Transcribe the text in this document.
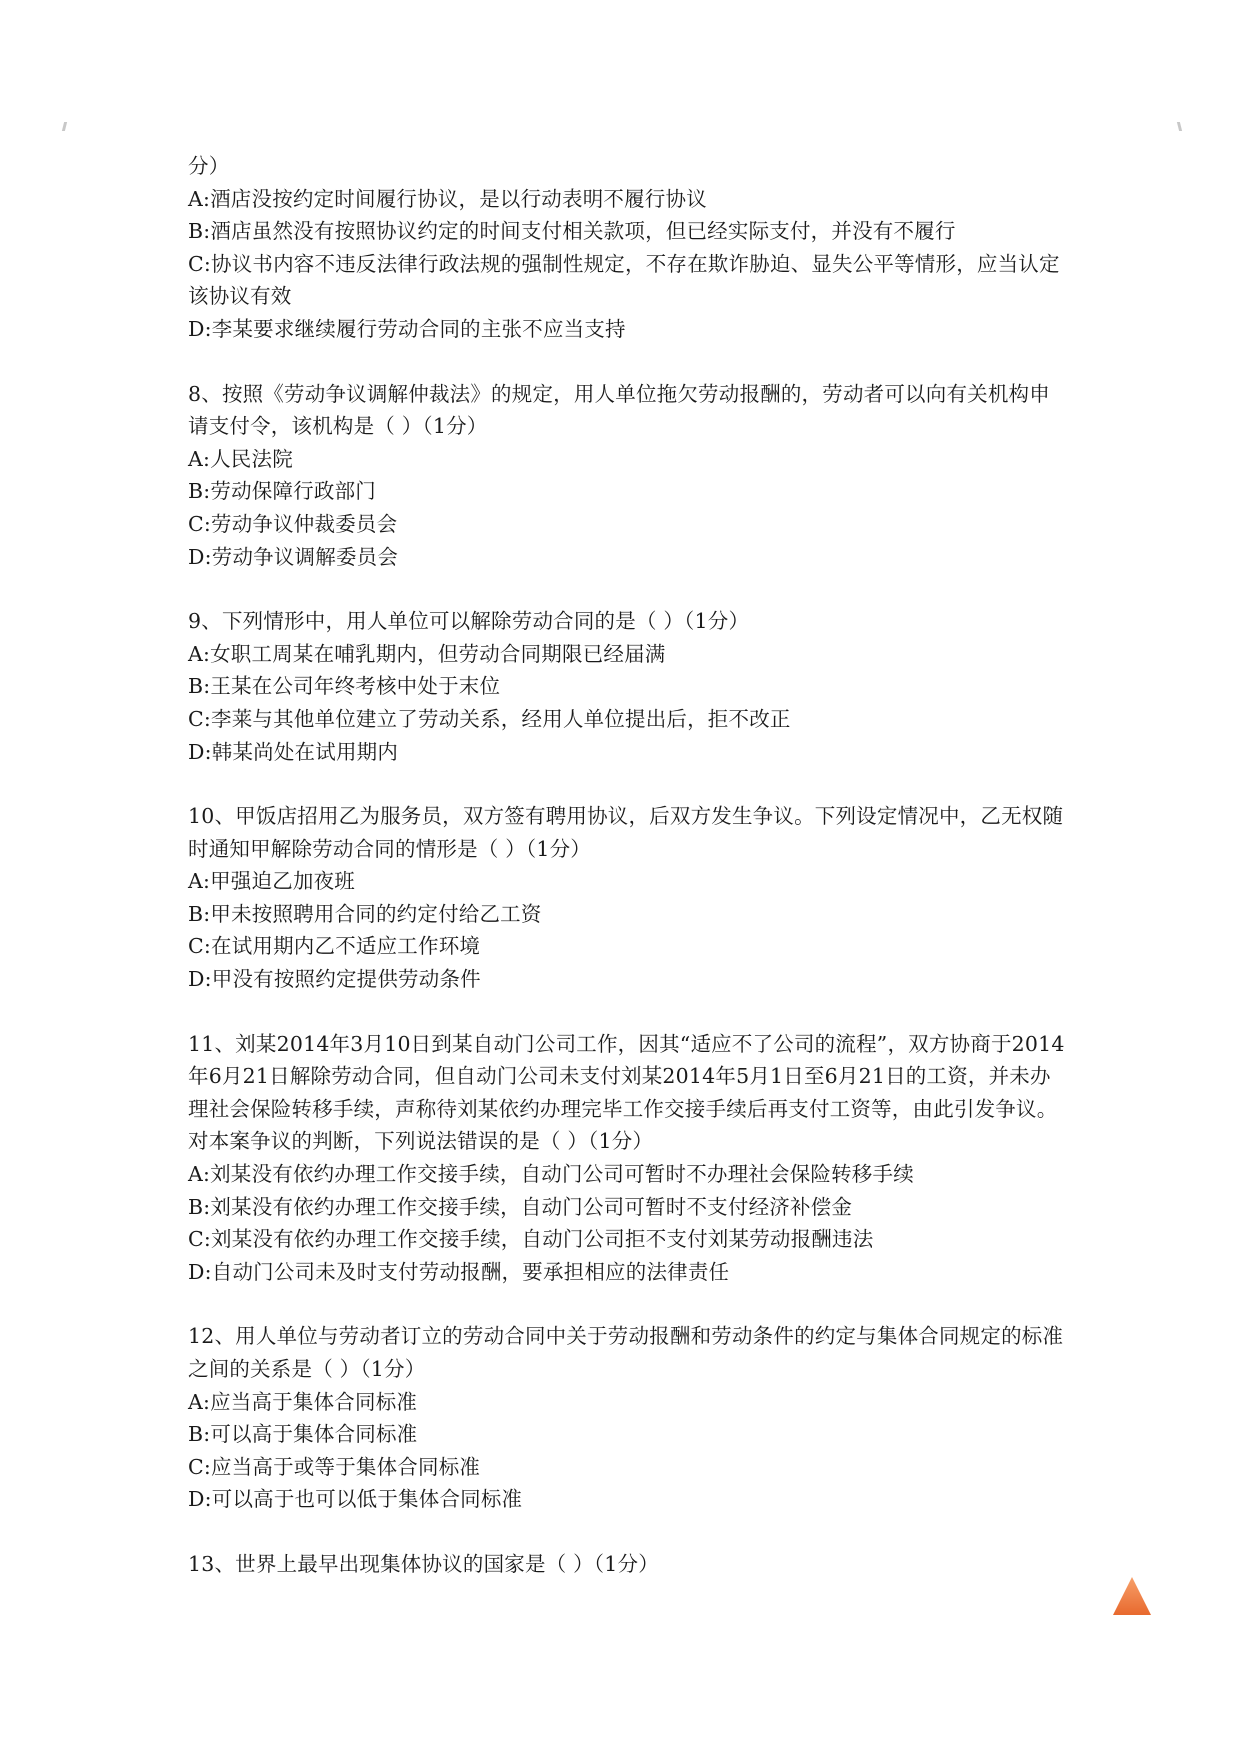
分）
A:酒店没按约定时间履行协议，是以行动表明不履行协议
B:酒店虽然没有按照协议约定的时间支付相关款项，但已经实际支付，并没有不履行
C:协议书内容不违反法律行政法规的强制性规定，不存在欺诈胁迫、显失公平等情形，应当认定该协议有效
D:李某要求继续履行劳动合同的主张不应当支持
8、按照《劳动争议调解仲裁法》的规定，用人单位拖欠劳动报酬的，劳动者可以向有关机构申请支付令，该机构是（ ）（1分）
A:人民法院
B:劳动保障行政部门
C:劳动争议仲裁委员会
D:劳动争议调解委员会
9、下列情形中，用人单位可以解除劳动合同的是（ ）（1分）
A:女职工周某在哺乳期内，但劳动合同期限已经届满
B:王某在公司年终考核中处于末位
C:李莱与其他单位建立了劳动关系，经用人单位提出后，拒不改正
D:韩某尚处在试用期内
10、甲饭店招用乙为服务员，双方签有聘用协议，后双方发生争议。下列设定情况中，乙无权随时通知甲解除劳动合同的情形是（ ）（1分）
A:甲强迫乙加夜班
B:甲未按照聘用合同的约定付给乙工资
C:在试用期内乙不适应工作环境
D:甲没有按照约定提供劳动条件
11、刘某2014年3月10日到某自动门公司工作，因其“适应不了公司的流程”，双方协商于2014年6月21日解除劳动合同，但自动门公司未支付刘某2014年5月1日至6月21日的工资，并未办理社会保险转移手续，声称待刘某依约办理完毕工作交接手续后再支付工资等，由此引发争议。对本案争议的判断，下列说法错误的是（ ）（1分）
A:刘某没有依约办理工作交接手续，自动门公司可暂时不办理社会保险转移手续
B:刘某没有依约办理工作交接手续，自动门公司可暂时不支付经济补偿金
C:刘某没有依约办理工作交接手续，自动门公司拒不支付刘某劳动报酬违法
D:自动门公司未及时支付劳动报酬，要承担相应的法律责任
12、用人单位与劳动者订立的劳动合同中关于劳动报酬和劳动条件的约定与集体合同规定的标准之间的关系是（ ）（1分）
A:应当高于集体合同标准
B:可以高于集体合同标准
C:应当高于或等于集体合同标准
D:可以高于也可以低于集体合同标准
13、世界上最早出现集体协议的国家是（ ）（1分）
